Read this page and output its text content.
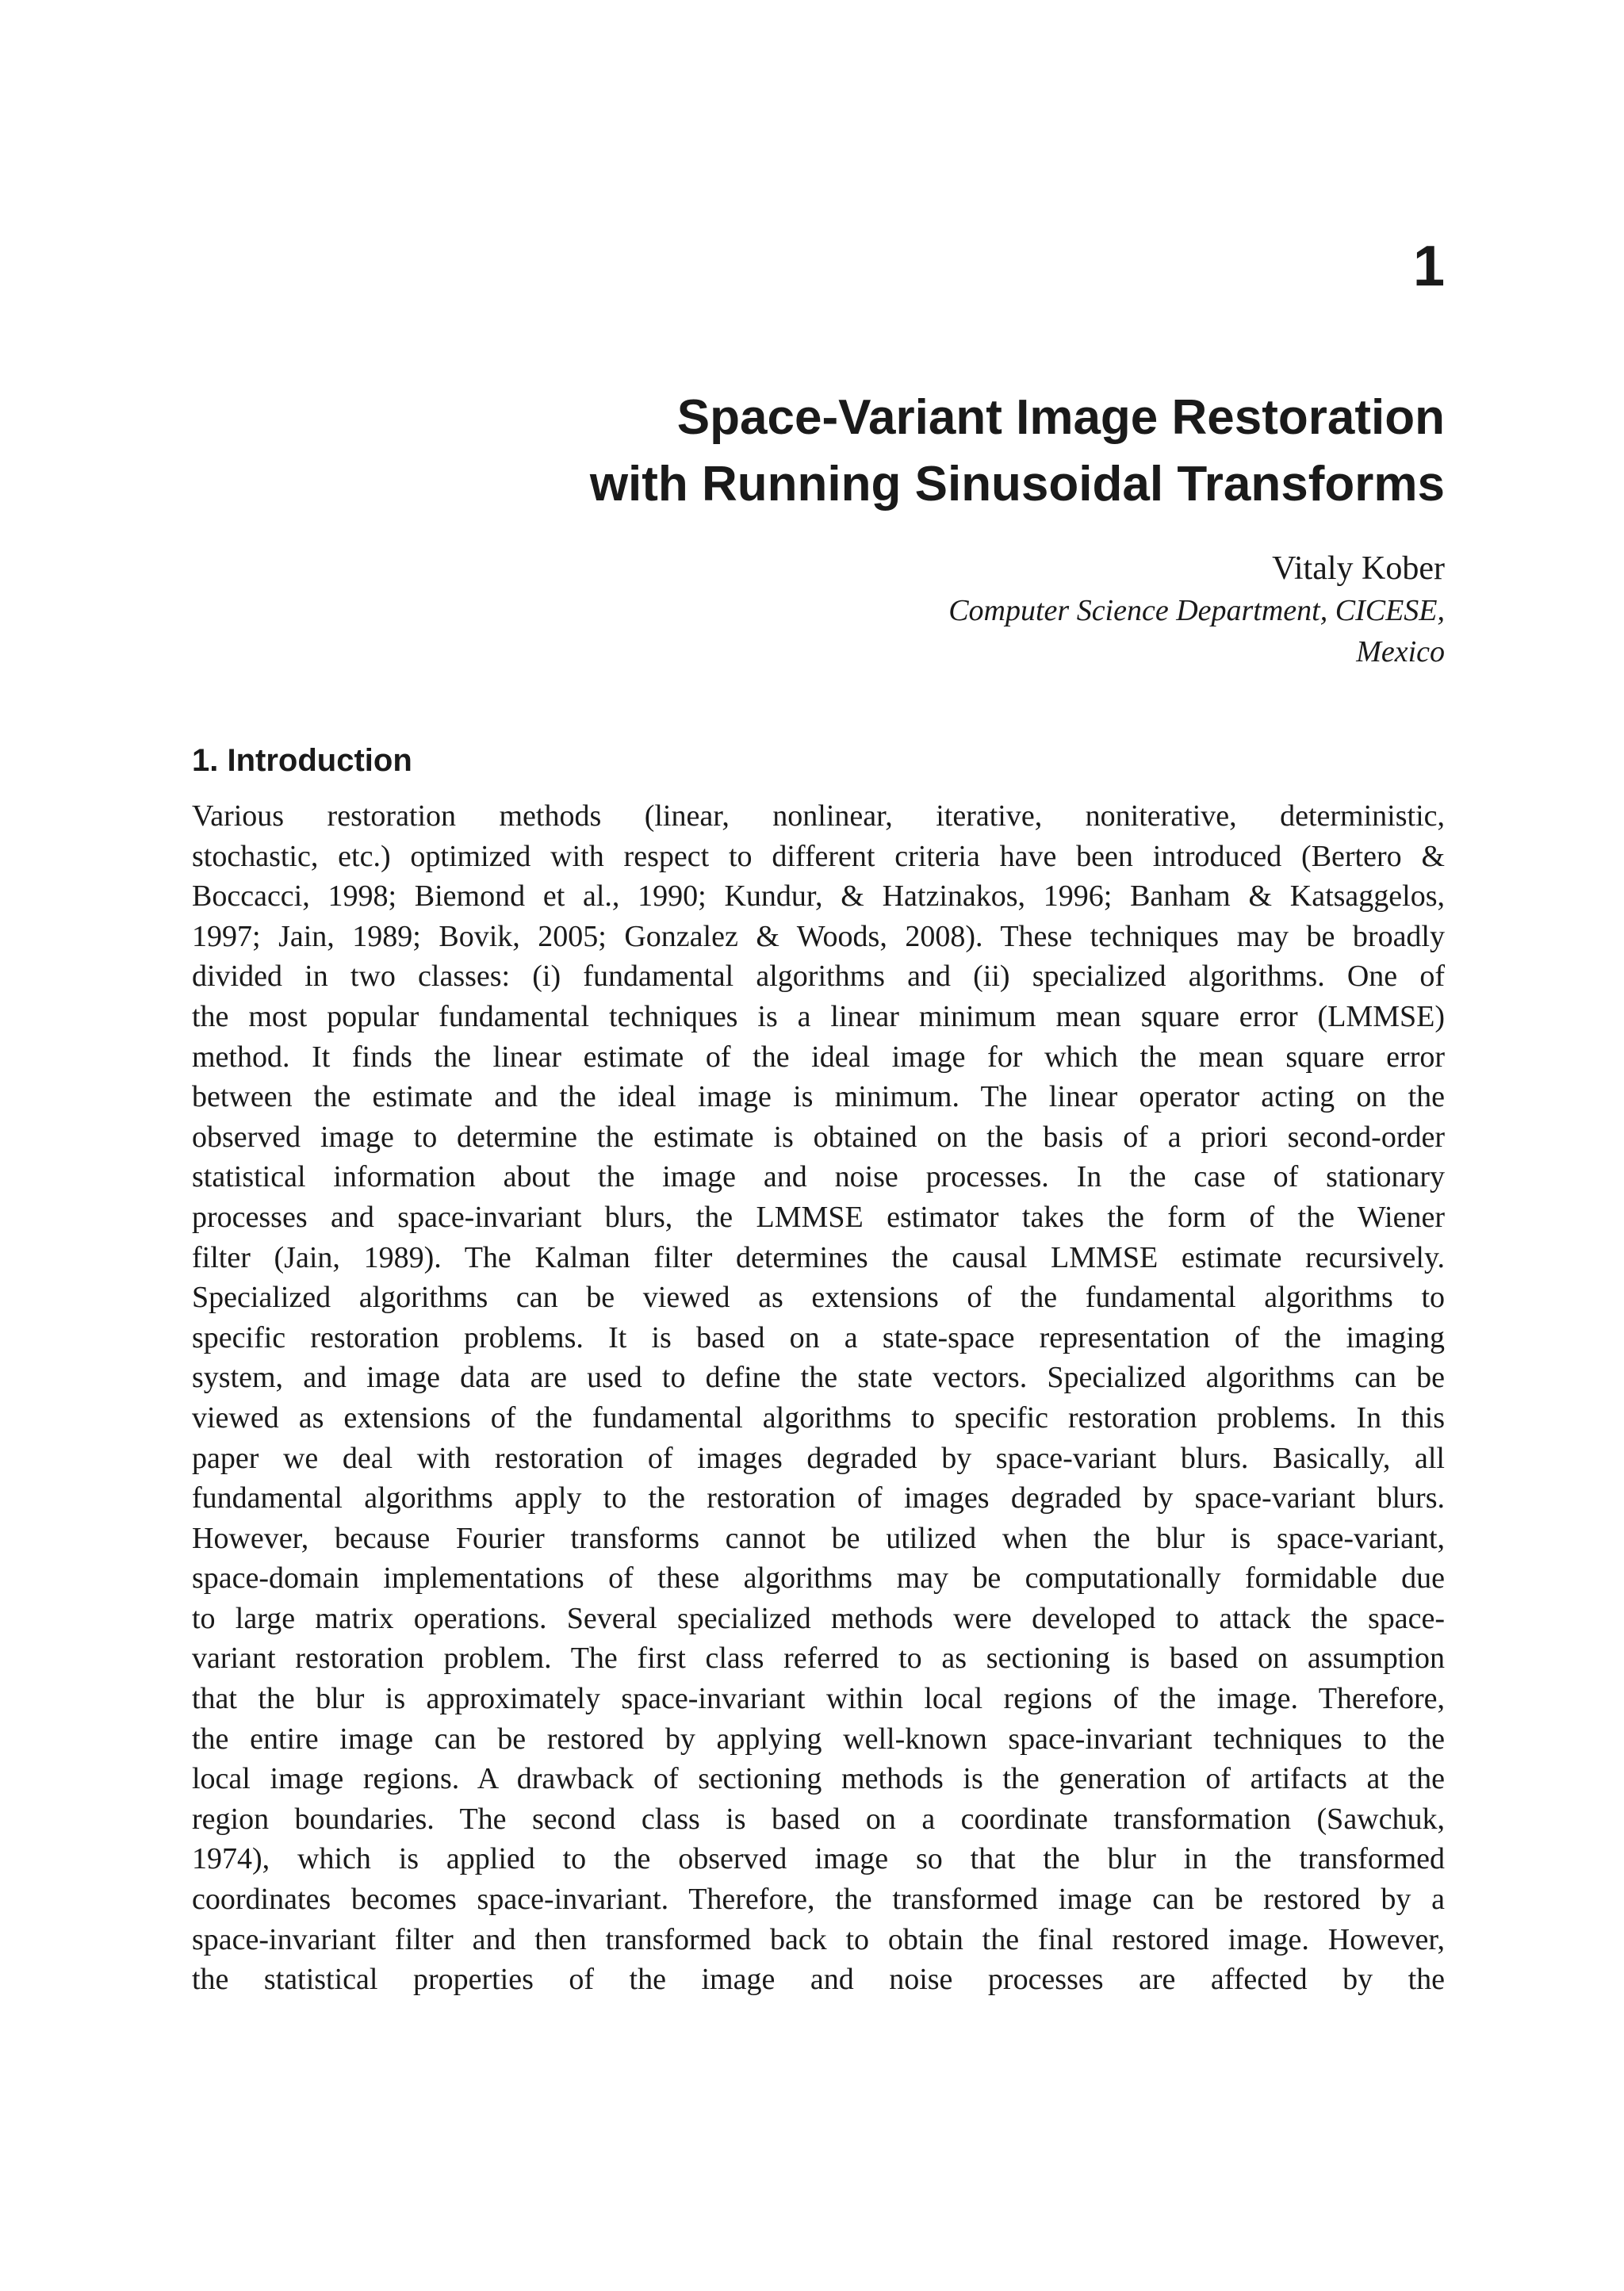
1
Space-Variant Image Restoration
with Running Sinusoidal Transforms

Vitaly Kober

Computer Science Department, CICESE,

Mexico

1. Introduction
Various restoration methods (linear, nonlinear, iterative, noniterative, deterministic,
stochastic, etc.) optimized with respect to different criteria have been introduced (Bertero &
Boccacci, 1998; Biemond et al., 1990; Kundur, & Hatzinakos, 1996; Banham & Katsaggelos,
1997; Jain, 1989; Bovik, 2005; Gonzalez & Woods, 2008). These techniques may be broadly
divided in two classes: (i) fundamental algorithms and (ii) specialized algorithms. One of
the most popular fundamental techniques is a linear minimum mean square error (LMMSE)
method. It finds the linear estimate of the ideal image for which the mean square error
between the estimate and the ideal image is minimum. The linear operator acting on the
observed image to determine the estimate is obtained on the basis of a priori second-order
statistical information about the image and noise processes. In the case of stationary
processes and space-invariant blurs, the LMMSE estimator takes the form of the Wiener
filter (Jain, 1989). The Kalman filter determines the causal LMMSE estimate recursively.
Specialized algorithms can be viewed as extensions of the fundamental algorithms to
specific restoration problems. It is based on a state-space representation of the imaging
system, and image data are used to define the state vectors. Specialized algorithms can be
viewed as extensions of the fundamental algorithms to specific restoration problems. In this
paper we deal with restoration of images degraded by space-variant blurs. Basically, all
fundamental algorithms apply to the restoration of images degraded by space-variant blurs.
However, because Fourier transforms cannot be utilized when the blur is space-variant,
space-domain implementations of these algorithms may be computationally formidable due
to large matrix operations. Several specialized methods were developed to attack the space-
variant restoration problem. The first class referred to as sectioning is based on assumption
that the blur is approximately space-invariant within local regions of the image. Therefore,
the entire image can be restored by applying well-known space-invariant techniques to the
local image regions. A drawback of sectioning methods is the generation of artifacts at the
region boundaries. The second class is based on a coordinate transformation (Sawchuk,
1974), which is applied to the observed image so that the blur in the transformed
coordinates becomes space-invariant. Therefore, the transformed image can be restored by a
space-invariant filter and then transformed back to obtain the final restored image. However,
the statistical properties of the image and noise processes are affected by the
